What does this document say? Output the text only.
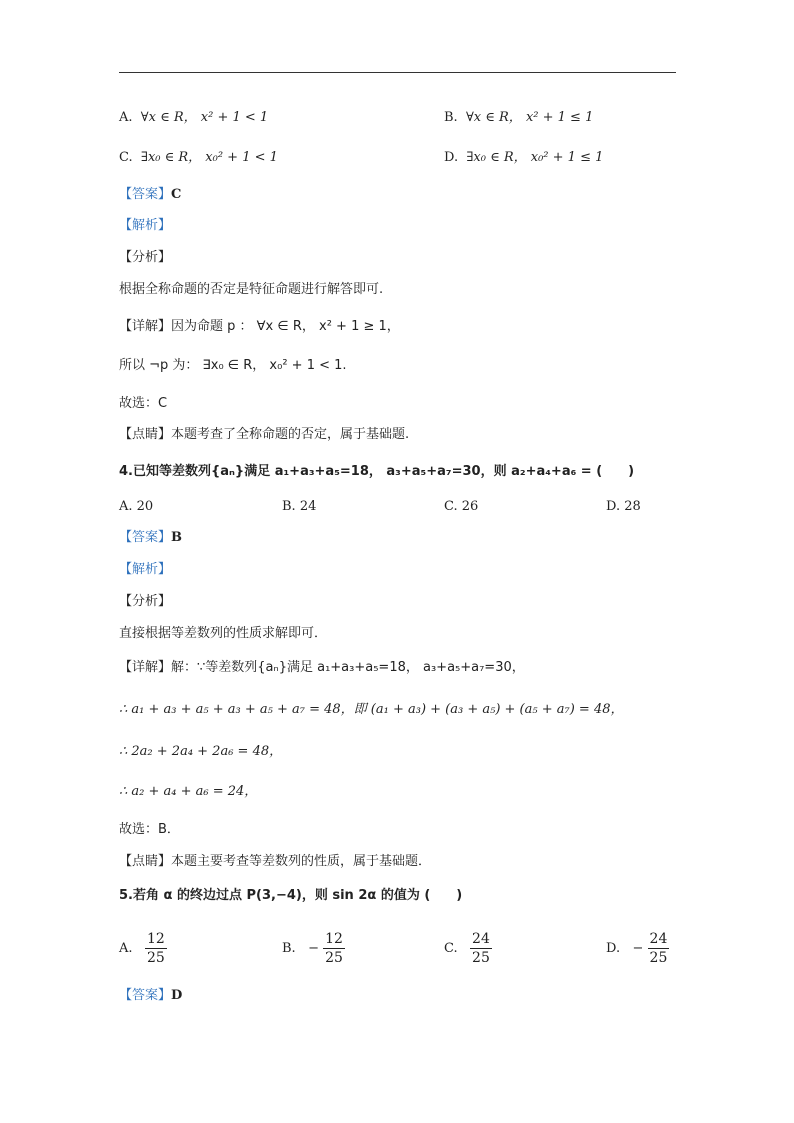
A. ∀x ∈ R， x² + 1 < 1	B. ∀x ∈ R， x² + 1 ≤ 1
C. ∃x₀ ∈ R， x₀² + 1 < 1	D. ∃x₀ ∈ R， x₀² + 1 ≤ 1
【答案】C
【解析】
【分析】
根据全称命题的否定是特征命题进行解答即可.
【详解】因为命题 p ： ∀x ∈ R， x² + 1 ≥ 1，
所以 ¬p 为： ∃x₀ ∈ R， x₀² + 1 < 1.
故选：C
【点睛】本题考查了全称命题的否定，属于基础题.
4.已知等差数列{aₙ}满足 a₁+a₃+a₅=18， a₃+a₅+a₇=30，则 a₂+a₄+a₆ = (　　)
A. 20	B. 24	C. 26	D. 28
【答案】B
【解析】
【分析】
直接根据等差数列的性质求解即可．
【详解】解：∵等差数列{aₙ}满足 a₁+a₃+a₅=18， a₃+a₅+a₇=30，
∴ a₁ + a₃ + a₅ + a₃ + a₅ + a₇ = 48，即 (a₁ + a₃) + (a₃ + a₅) + (a₅ + a₇) = 48，
∴ 2a₂ + 2a₄ + 2a₆ = 48，
∴ a₂ + a₄ + a₆ = 24，
故选：B．
【点睛】本题主要考查等差数列的性质，属于基础题．
5.若角 α 的终边过点 P(3,−4)，则 sin 2α 的值为 (　　)
A. $\frac{12}{25}$	B. − $\frac{12}{25}$	C. $\frac{24}{25}$	D. − $\frac{24}{25}$
【答案】D
